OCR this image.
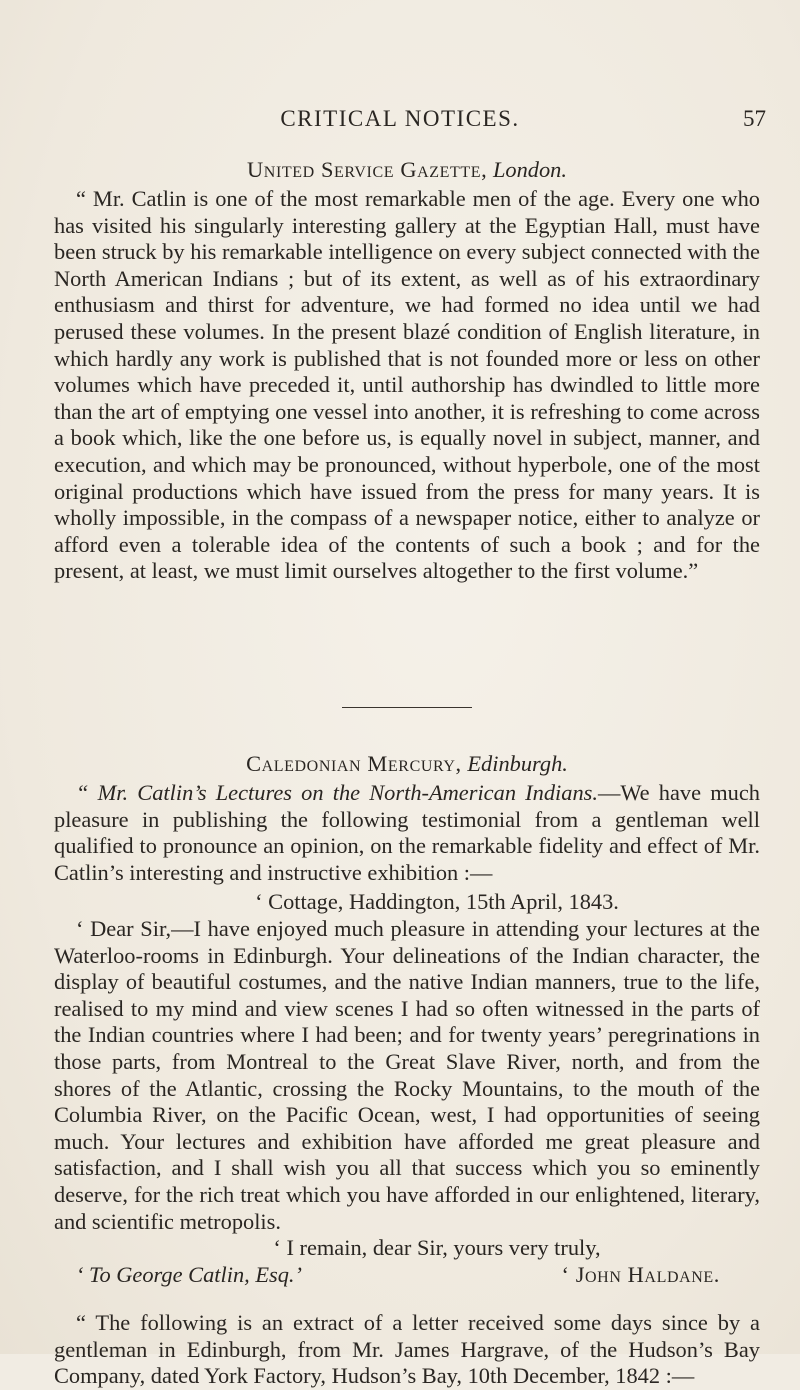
CRITICAL NOTICES.	57
United Service Gazette, London.

“ Mr. Catlin is one of the most remarkable men of the age. Every one who has visited his singularly interesting gallery at the Egyptian Hall, must have been struck by his remarkable intelligence on every subject connected with the North American Indians ; but of its extent, as well as of his extraordinary enthusiasm and thirst for adventure, we had formed no idea until we had perused these volumes. In the present blazé condition of English literature, in which hardly any work is published that is not founded more or less on other volumes which have preceded it, until authorship has dwindled to little more than the art of emptying one vessel into another, it is refreshing to come across a book which, like the one before us, is equally novel in subject, manner, and execution, and which may be pronounced, without hyperbole, one of the most original productions which have issued from the press for many years. It is wholly impossible, in the compass of a newspaper notice, either to analyze or afford even a tolerable idea of the contents of such a book ; and for the present, at least, we must limit ourselves altogether to the first volume.”

Caledonian Mercury, Edinburgh.

“ Mr. Catlin’s Lectures on the North-American Indians.—We have much pleasure in publishing the following testimonial from a gentleman well qualified to pronounce an opinion, on the remarkable fidelity and effect of Mr. Catlin’s interesting and instructive exhibition :—

‘ Cottage, Haddington, 15th April, 1843.

‘ Dear Sir,—I have enjoyed much pleasure in attending your lectures at the Waterloo-rooms in Edinburgh. Your delineations of the Indian character, the display of beautiful costumes, and the native Indian manners, true to the life, realised to my mind and view scenes I had so often witnessed in the parts of the Indian countries where I had been; and for twenty years’ peregrinations in those parts, from Montreal to the Great Slave River, north, and from the shores of the Atlantic, crossing the Rocky Mountains, to the mouth of the Columbia River, on the Pacific Ocean, west, I had opportunities of seeing much. Your lectures and exhibition have afforded me great pleasure and satisfaction, and I shall wish you all that success which you so eminently deserve, for the rich treat which you have afforded in our enlightened, literary, and scientific metropolis.

‘ I remain, dear Sir, yours very truly,
‘ To George Catlin, Esq.’	‘ John Haldane.

“ The following is an extract of a letter received some days since by a gentleman in Edinburgh, from Mr. James Hargrave, of the Hudson’s Bay Company, dated York Factory, Hudson’s Bay, 10th December, 1842 :—
